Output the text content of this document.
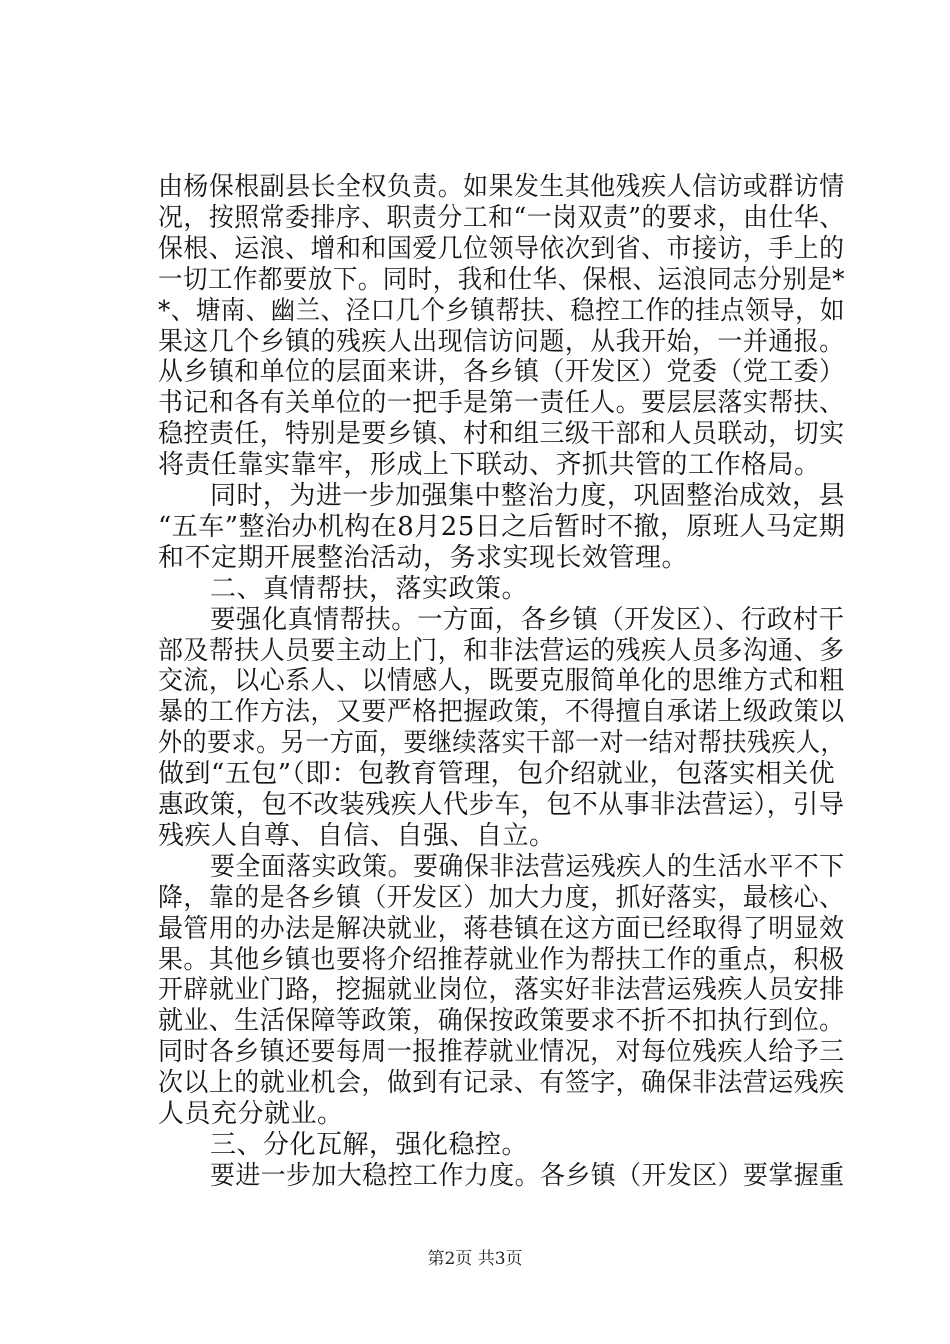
由杨保根副县长全权负责。如果发生其他残疾人信访或群访情

况，按照常委排序、职责分工和“一岗双责”的要求，由仕华、

保根、运浪、增和和国爱几位领导依次到省、市接访，手上的

一切工作都要放下。同时，我和仕华、保根、运浪同志分别是*

*、塘南、幽兰、泾口几个乡镇帮扶、稳控工作的挂点领导，如

果这几个乡镇的残疾人出现信访问题，从我开始，一并通报。

从乡镇和单位的层面来讲，各乡镇（开发区）党委（党工委）

书记和各有关单位的一把手是第一责任人。要层层落实帮扶、

稳控责任，特别是要乡镇、村和组三级干部和人员联动，切实

将责任靠实靠牢，形成上下联动、齐抓共管的工作格局。

同时，为进一步加强集中整治力度，巩固整治成效，县

“五车”整治办机构在8月25日之后暂时不撤，原班人马定期

和不定期开展整治活动，务求实现长效管理。

二、真情帮扶，落实政策。

要强化真情帮扶。一方面，各乡镇（开发区）、行政村干

部及帮扶人员要主动上门，和非法营运的残疾人员多沟通、多

交流，以心系人、以情感人，既要克服简单化的思维方式和粗

暴的工作方法，又要严格把握政策，不得擅自承诺上级政策以

外的要求。另一方面，要继续落实干部一对一结对帮扶残疾人，

做到“五包”（即：包教育管理，包介绍就业，包落实相关优

惠政策，包不改装残疾人代步车，包不从事非法营运），引导

残疾人自尊、自信、自强、自立。

要全面落实政策。要确保非法营运残疾人的生活水平不下

降，靠的是各乡镇（开发区）加大力度，抓好落实，最核心、

最管用的办法是解决就业，蒋巷镇在这方面已经取得了明显效

果。其他乡镇也要将介绍推荐就业作为帮扶工作的重点，积极

开辟就业门路，挖掘就业岗位，落实好非法营运残疾人员安排

就业、生活保障等政策，确保按政策要求不折不扣执行到位。

同时各乡镇还要每周一报推荐就业情况，对每位残疾人给予三

次以上的就业机会，做到有记录、有签字，确保非法营运残疾

人员充分就业。

三、分化瓦解，强化稳控。

要进一步加大稳控工作力度。各乡镇（开发区）要掌握重

第2页 共3页
